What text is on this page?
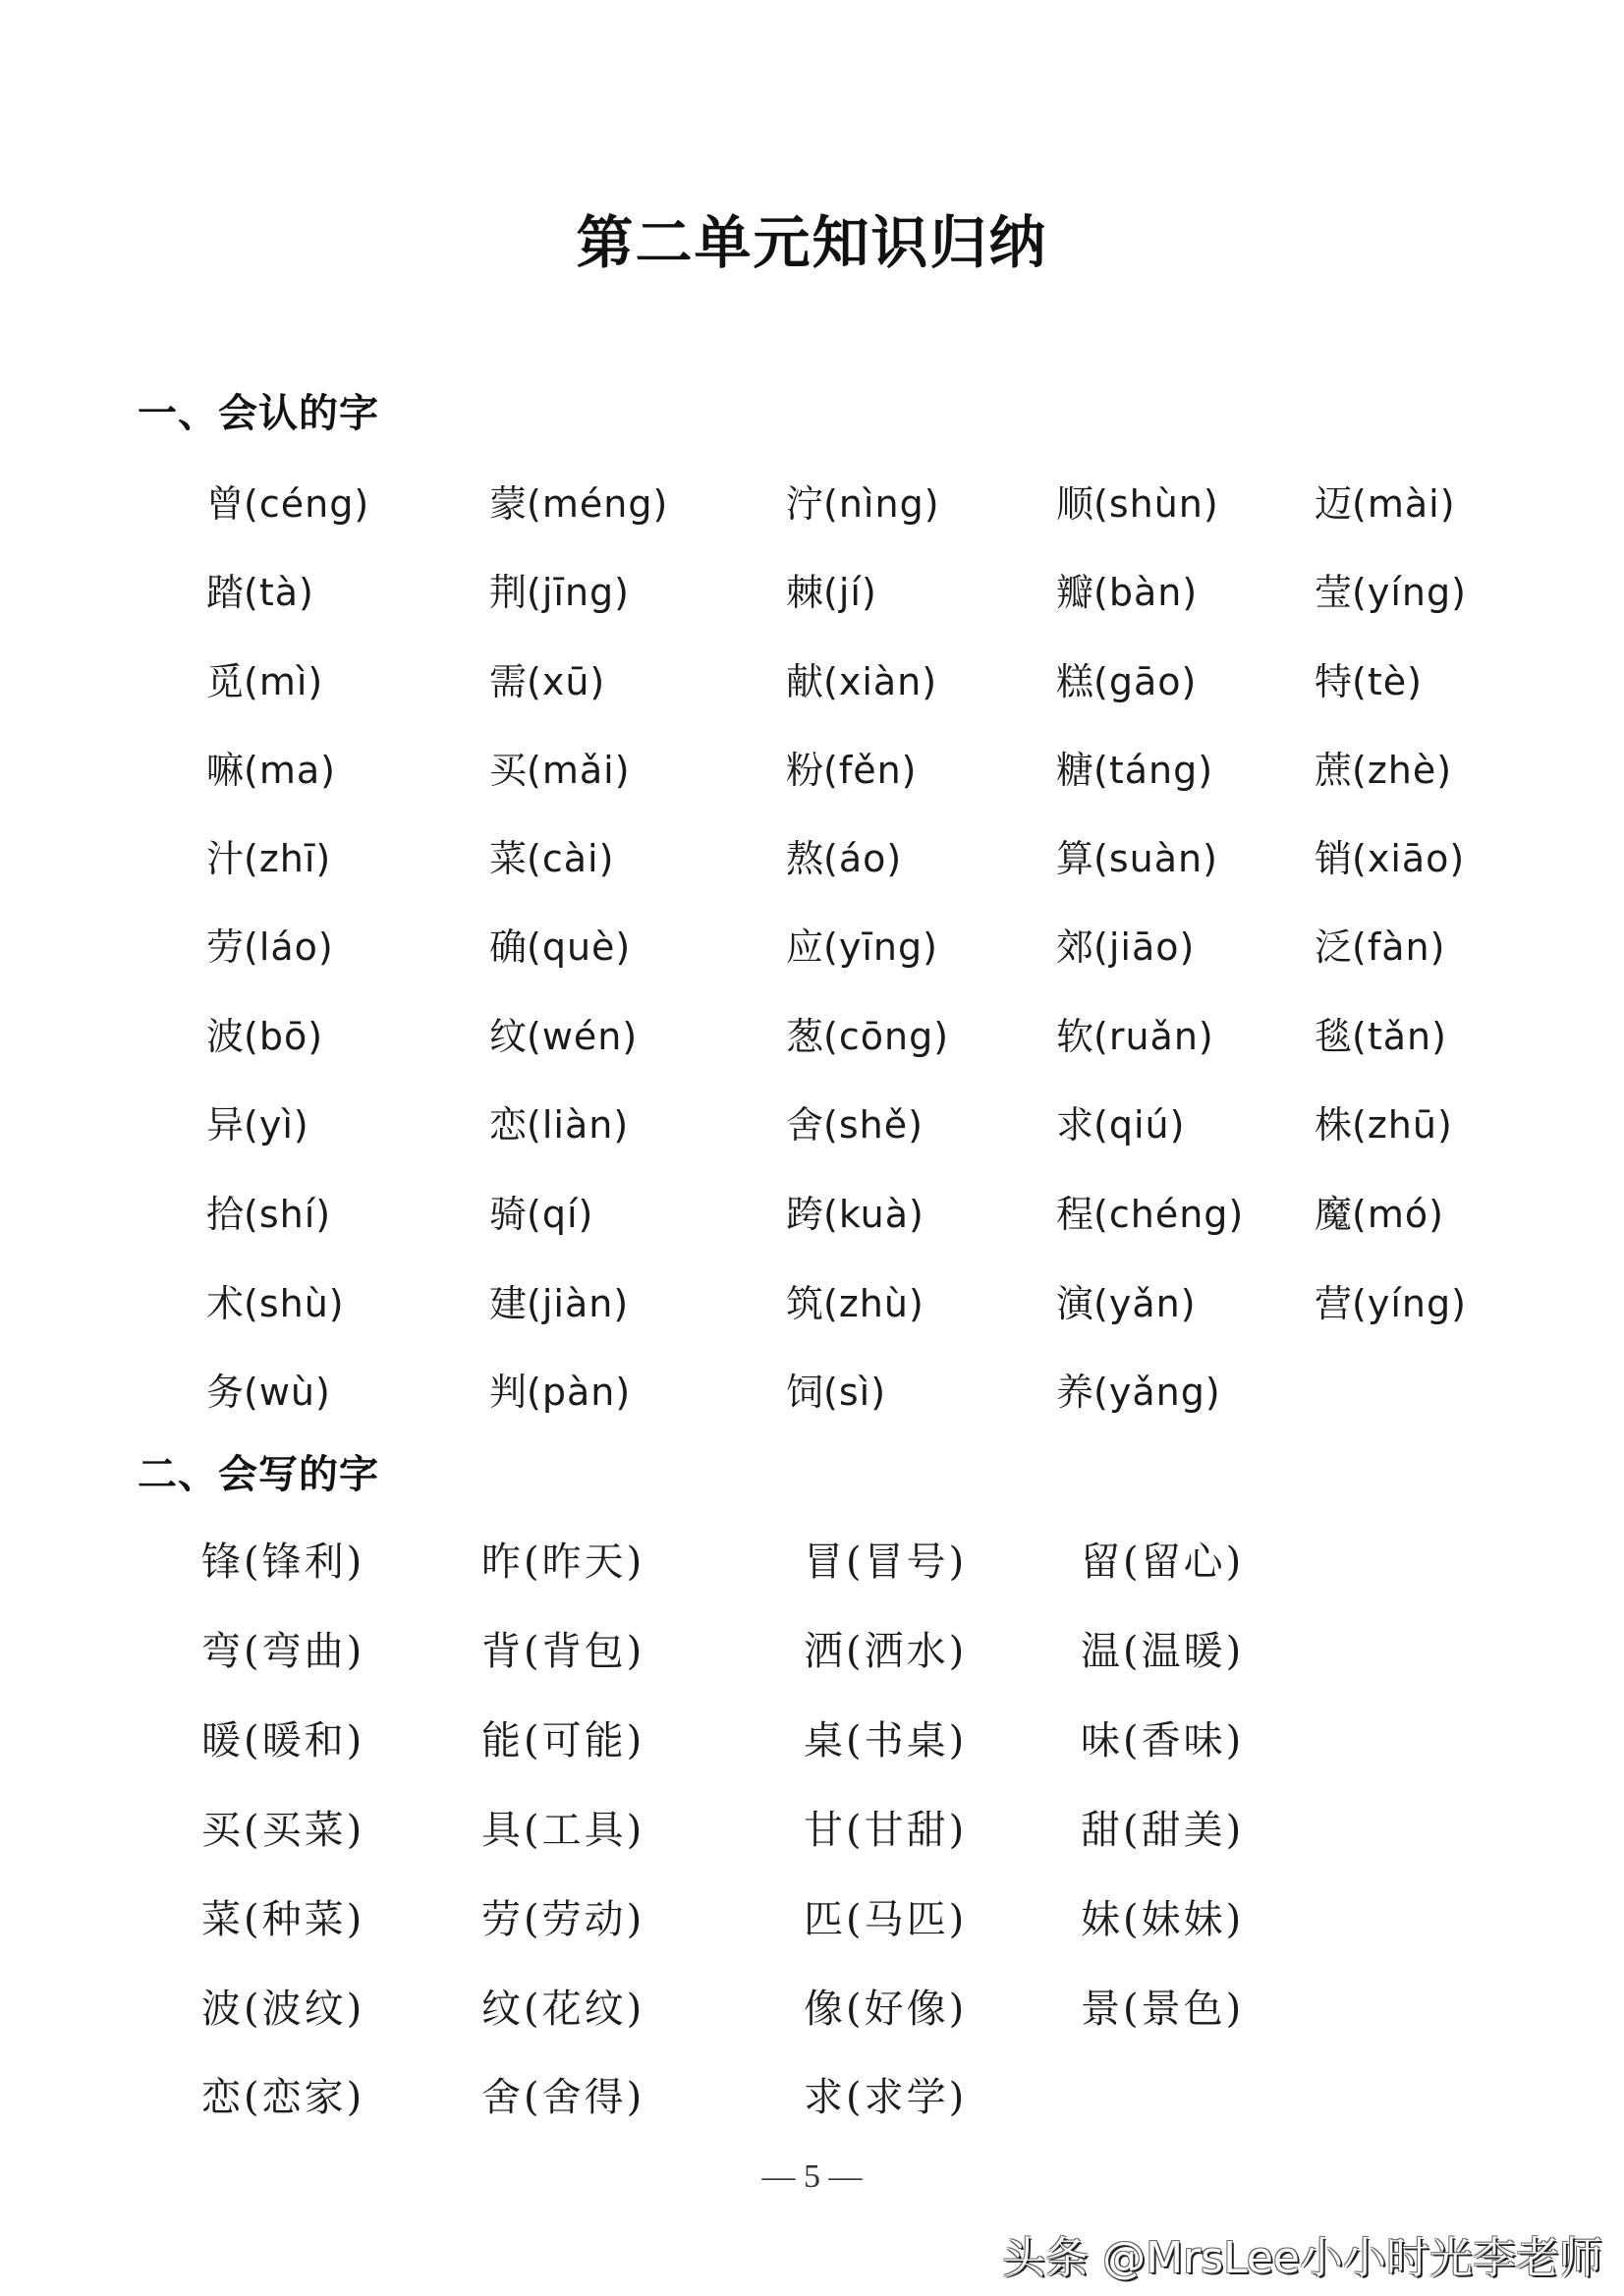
第二单元知识归纳
一、会认的字
曾(céng)	蒙(méng)	泞(nìng)	顺(shùn)	迈(mài)
踏(tà)	荆(jīng)	棘(jí)	瓣(bàn)	莹(yíng)
觅(mì)	需(xū)	献(xiàn)	糕(gāo)	特(tè)
嘛(ma)	买(mǎi)	粉(fěn)	糖(táng)	蔗(zhè)
汁(zhī)	菜(cài)	熬(áo)	算(suàn)	销(xiāo)
劳(láo)	确(què)	应(yīng)	郊(jiāo)	泛(fàn)
波(bō)	纹(wén)	葱(cōng)	软(ruǎn)	毯(tǎn)
异(yì)	恋(liàn)	舍(shě)	求(qiú)	株(zhū)
拾(shí)	骑(qí)	跨(kuà)	程(chéng) 魔(mó)
术(shù)	建(jiàn)	筑(zhù)	演(yǎn)	营(yíng)
务(wù)	判(pàn)	饲(sì)	养(yǎng)
二、会写的字
锋(锋利)	昨(昨天)	冒(冒号)	留(留心)
弯(弯曲)	背(背包)	洒(洒水)	温(温暖)
暖(暖和)	能(可能)	桌(书桌)	味(香味)
买(买菜)	具(工具)	甘(甘甜)	甜(甜美)
菜(种菜)	劳(劳动)	匹(马匹)	妹(妹妹)
波(波纹)	纹(花纹)	像(好像)	景(景色)
恋(恋家)	舍(舍得)	求(求学)
— 5 —
头条 @MrsLee小小时光李老师
